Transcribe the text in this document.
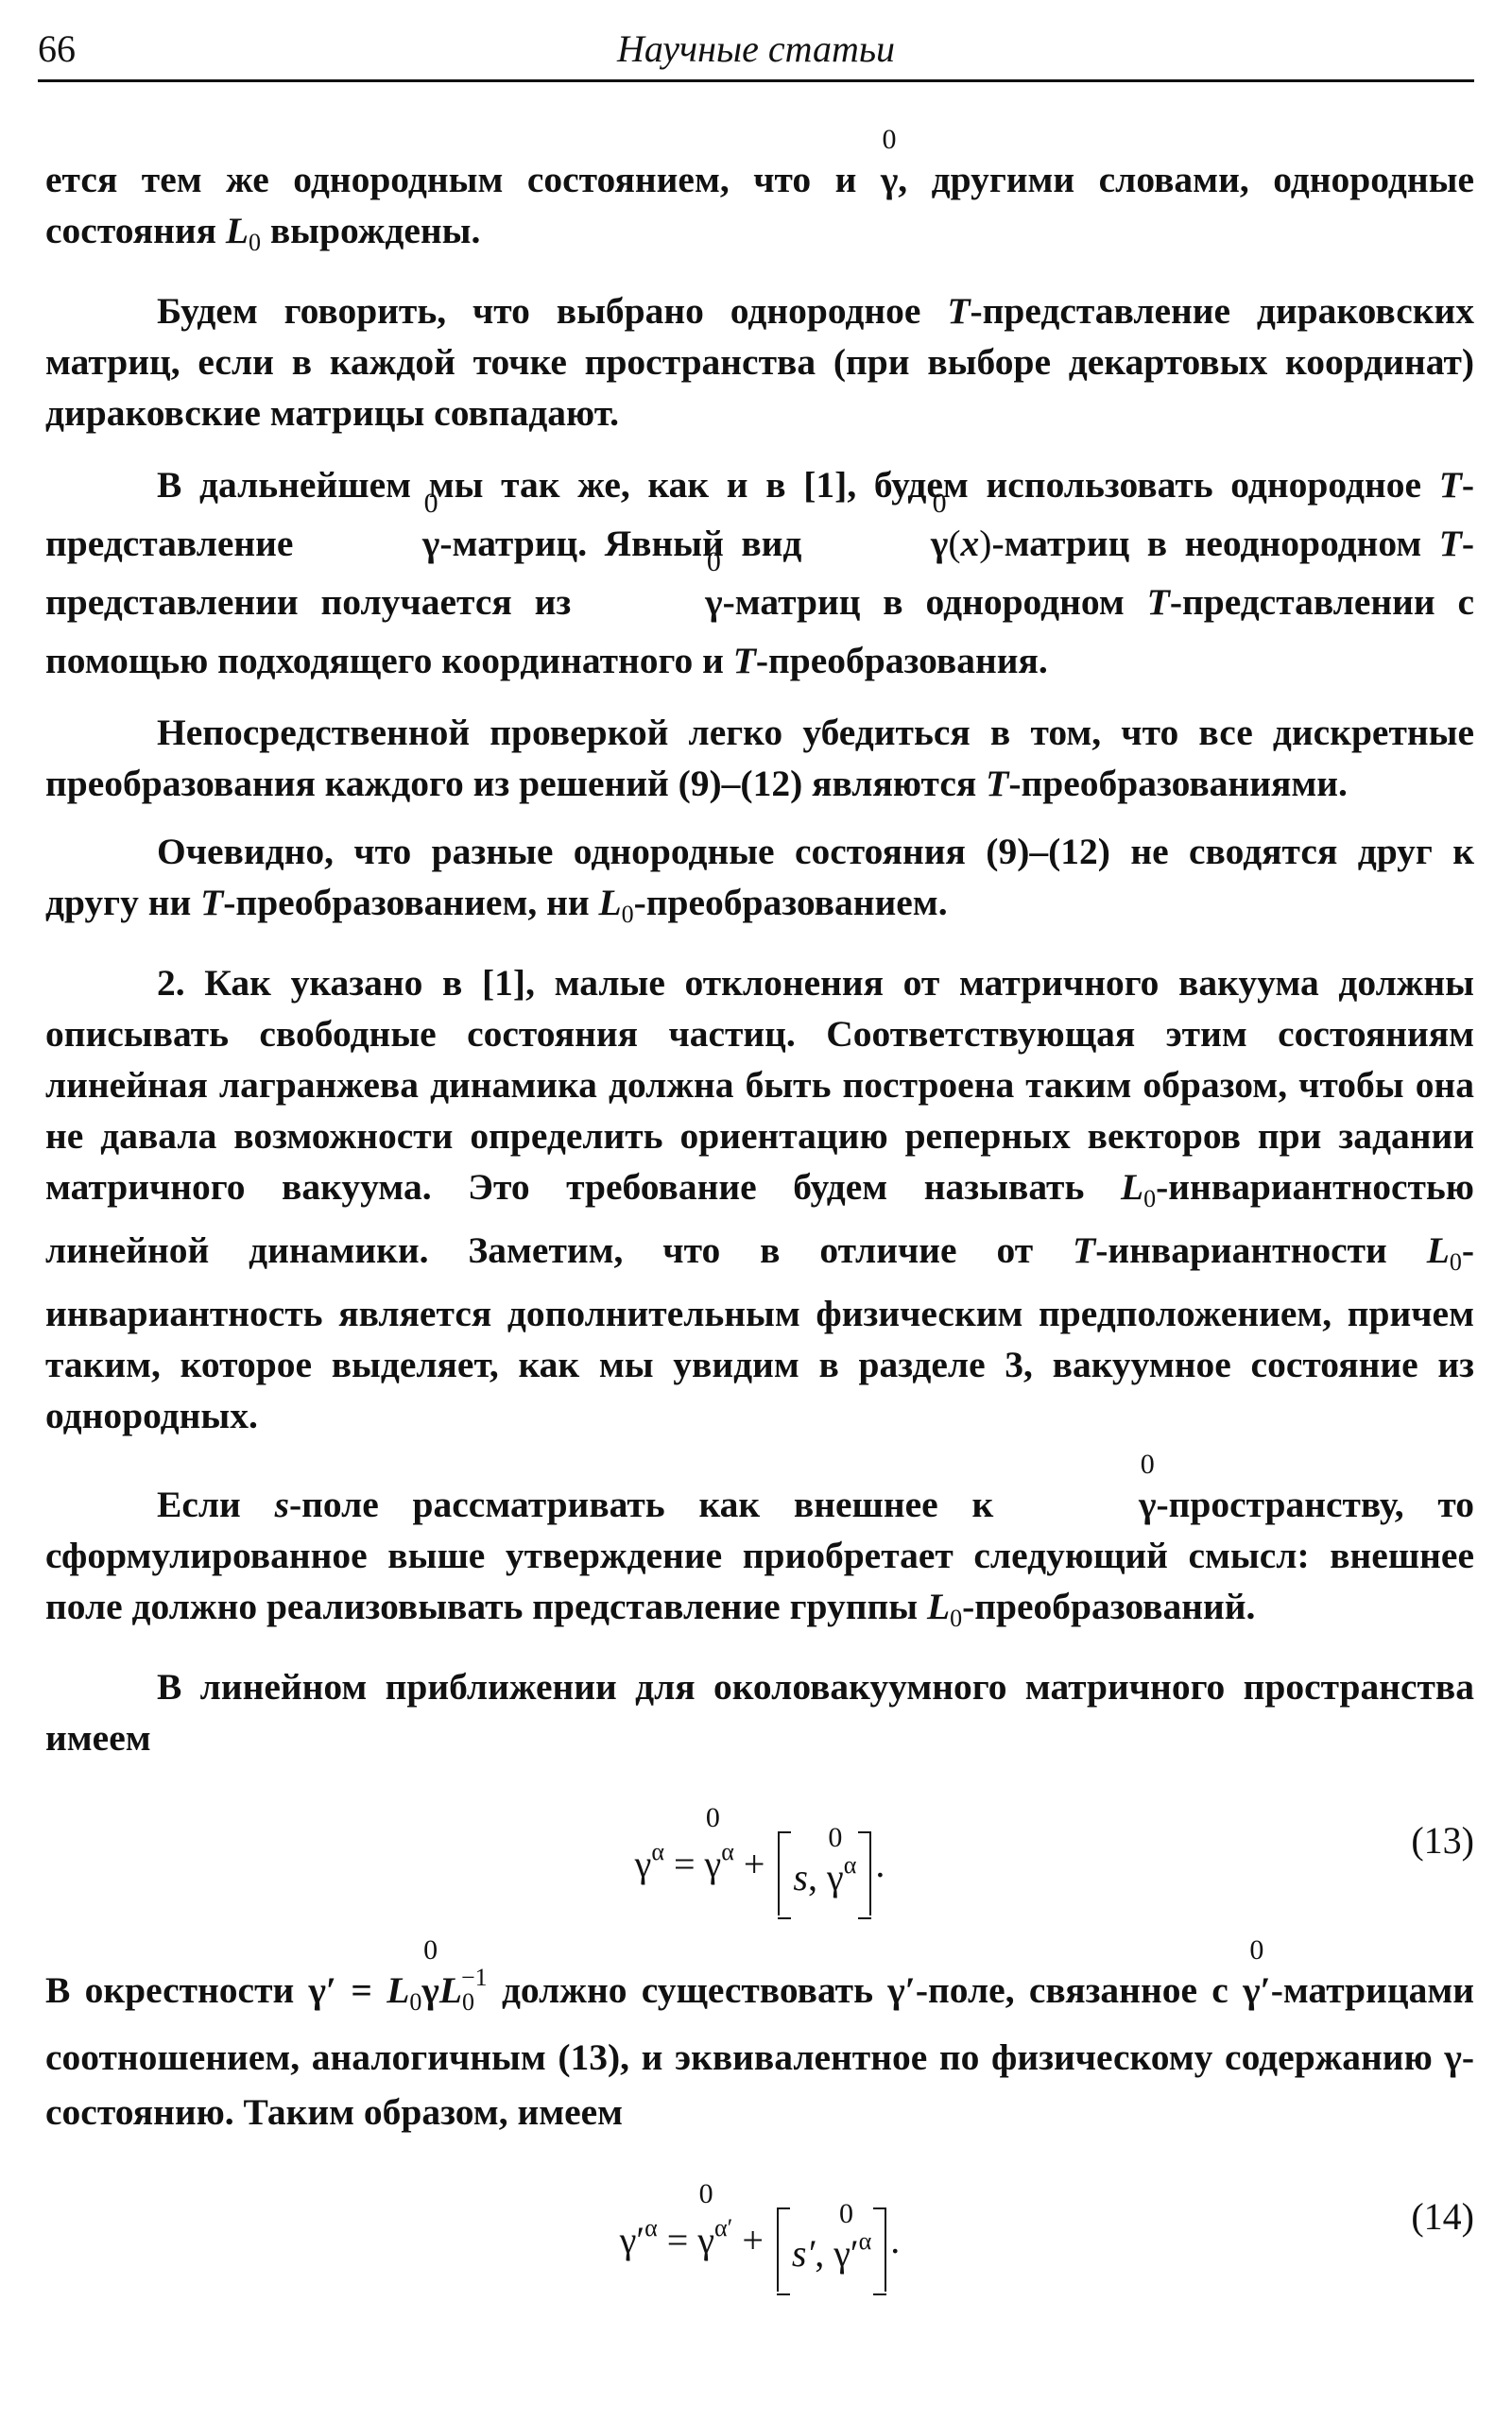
66	Научные статьи

ется тем же однородным состоянием, что и 0 γ, другими словами, однородные состояния $L_0$ вырождены.

Будем говорить, что выбрано однородное T-представление дираковских матриц, если в каждой точке пространства (при выборе декартовых координат) дираковские матрицы совпадают.

В дальнейшем мы так же, как и в [1], будем использовать однородное T-представление	0 γ-матриц. Явный вид	0 γ(x)-матриц в неоднородном T-представлении получается из	0 γ-матриц в однородном T-представлении с помощью подходящего координатного и T-преобразования.

Непосредственной проверкой легко убедиться в том, что все дискретные преобразования каждого из решений (9)–(12) являются T-преобразованиями.

Очевидно, что разные однородные состояния (9)–(12) не сводятся друг к другу ни T-преобразованием, ни $L_0$-преобразованием.

2. Как указано в [1], малые отклонения от матричного вакуума должны описывать свободные состояния частиц. Соответствующая этим состояниям линейная лагранжева динамика должна быть построена таким образом, чтобы она не давала возможности определить ориентацию реперных векторов при задании матричного вакуума. Это требование будем называть $L_0$-инвариантностью линейной динамики. Заметим, что в отличие от T-инвариантности $L_0$-инвариантность является дополнительным физическим предположением, причем таким, которое выделяет, как мы увидим в разделе 3, вакуумное состояние из однородных.

Если s-поле рассматривать как внешнее к	0 γ-пространству, то сформулированное выше утверждение приобретает следующий смысл: внешнее поле должно реализовывать представление группы $L_0$-преобразований.

В линейном приближении для околовакуумного матричного пространства имеем

$\gamma^\alpha = 0$ $\gamma^\alpha + s$, 0 $\gamma^\alpha$ .
(13)

В окрестности $\gamma' = L_00$ $\gamma L_0^{-1}$ должно существовать γ′-поле, связанное с 0 γ′-матрицами соотношением, аналогичным (13), и эквивалентное по физическому содержанию γ-состоянию. Таким образом, имеем

$\gamma'^\alpha = 0$ $\gamma^{\alpha'} + s'$, 0 $\gamma'^\alpha$ .
(14)
